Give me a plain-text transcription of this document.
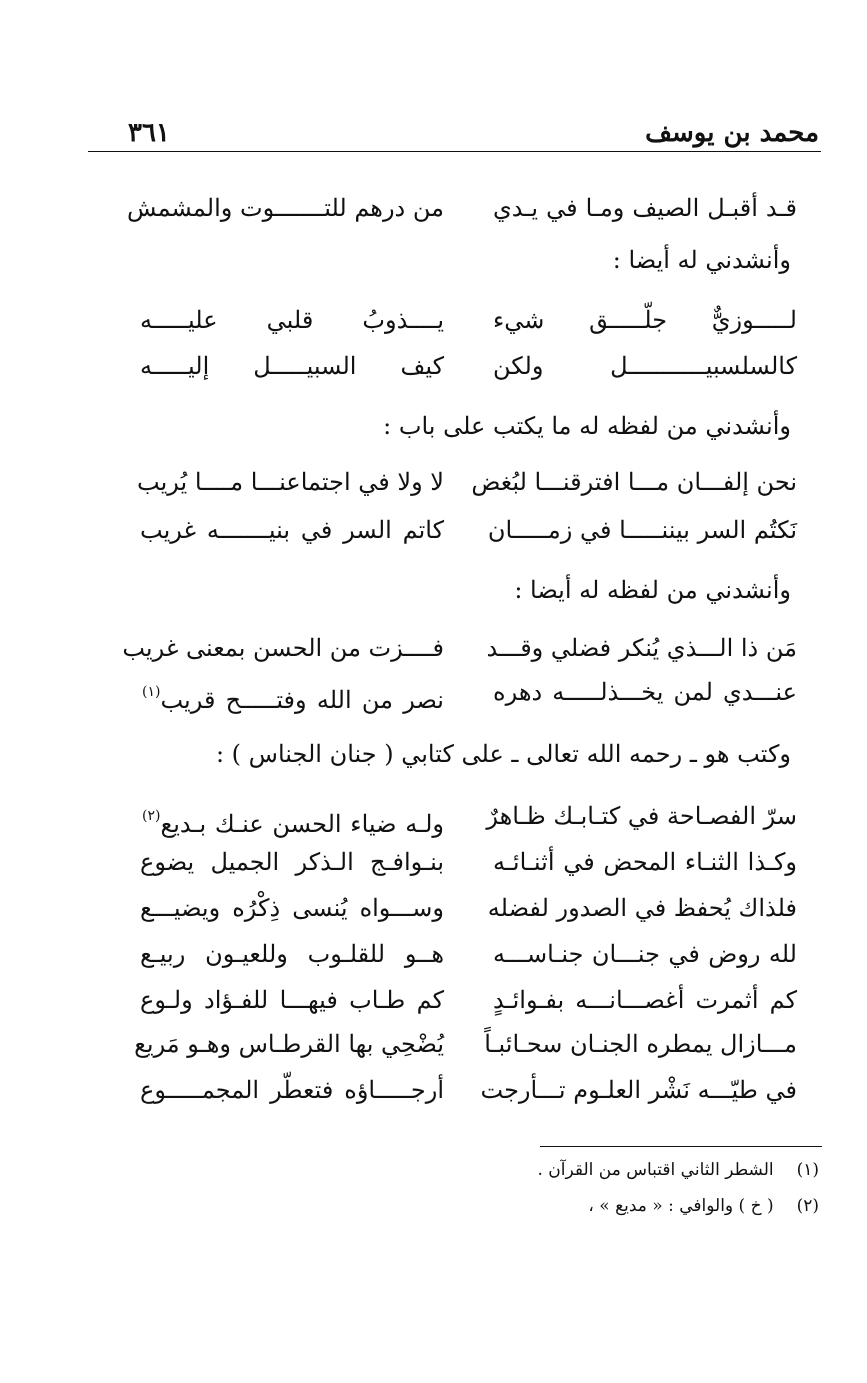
محمد بن يوسف
٣٦١
قـد أقبـل الصيف ومـا في يـدي
من درهم للتـــــــوت والمشمش
وأنشدني له أيضا :
لـــــوزيٌّ جلّـــــق شيء
يــــذوبُ قلبي عليـــــه
كالسلسبيـــــــــــل ولكن
كيف السبيـــــل إليـــــه
وأنشدني من لفظه له ما يكتب على باب :
نحن إلفـــان مـــا افترقنـــا لبُغض
لا ولا في اجتماعنـــا مــــا يُريب
نَكتُم السر بيننـــــا في زمـــــان
كاتم السر في بنيـــــــه غريب
وأنشدني من لفظه له أيضا :
مَن ذا الـــذي يُنكر فضلي وقـــد
فــــزت من الحسن بمعنى غريب
عنـــدي لمن يخـــذلـــــه دهره
نصر من الله وفتـــــح قريب$^{(١)}$
وكتب هو ـ رحمه الله تعالى ـ على كتابي ( جنان الجناس ) :
سرّ الفصـاحة في كتـابـك ظـاهرٌ
ولـه ضياء الحسن عنـك بـديع$^{(٢)}$
وكـذا الثنـاء المحض في أثنـائـه
بنـوافـج الـذكر الجميل يضوع
فلذاك يُحفظ في الصدور لفضله
وســـواه يُنسى ذِكْرُه ويضيـــع
لله روض في جنـــان جنـاســـه
هــو للقلـوب وللعيـون ربيـع
كم أثمرت أغصـــانـــه بفـوائـدٍ
كم طـاب فيهـــا للفـؤاد ولـوع
مـــازال يمطره الجنـان سحـائبـاً
يُضْحِي بها القرطـاس وهـو مَريع
في طيّـــه نَشْر العلـوم تـــأرجت
أرجـــــاؤه فتعطّر المجمـــــوع
(١) الشطر الثاني اقتباس من القرآن .
(٢) ( خ ) والوافي : « مديع » ،
